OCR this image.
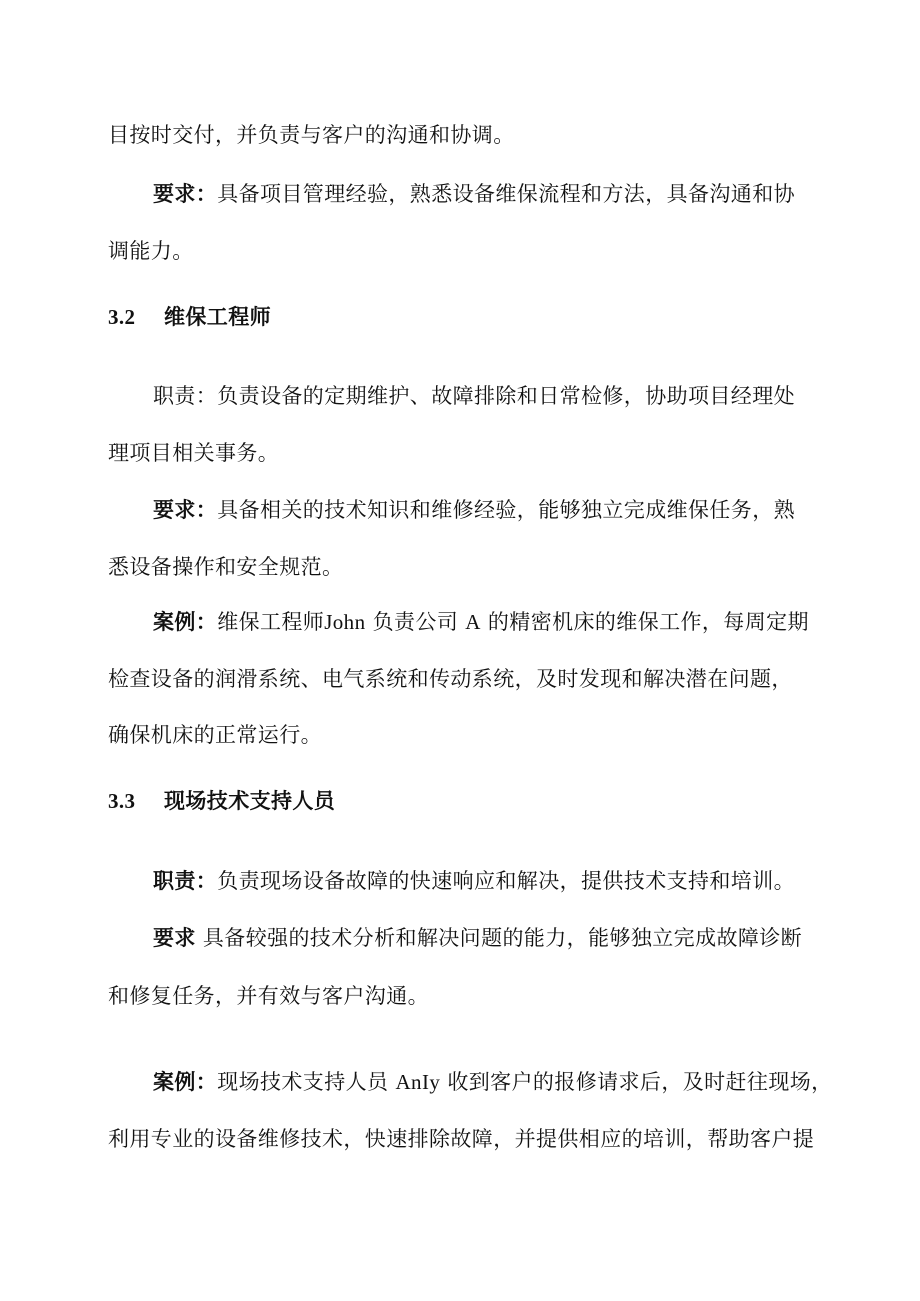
目按时交付，并负责与客户的沟通和协调。
要求：具备项目管理经验，熟悉设备维保流程和方法，具备沟通和协
调能力。
3.2 维保工程师
职责：负责设备的定期维护、故障排除和日常检修，协助项目经理处
理项目相关事务。
要求：具备相关的技术知识和维修经验，能够独立完成维保任务，熟
悉设备操作和安全规范。
案例：维保工程师John 负责公司 A 的精密机床的维保工作，每周定期
检查设备的润滑系统、电气系统和传动系统，及时发现和解决潜在问题，
确保机床的正常运行。
3.3 现场技术支持人员
职责：负责现场设备故障的快速响应和解决，提供技术支持和培训。
要求 具备较强的技术分析和解决问题的能力，能够独立完成故障诊断
和修复任务，并有效与客户沟通。
案例：现场技术支持人员 AnIy 收到客户的报修请求后，及时赶往现场，
利用专业的设备维修技术，快速排除故障，并提供相应的培训，帮助客户提
